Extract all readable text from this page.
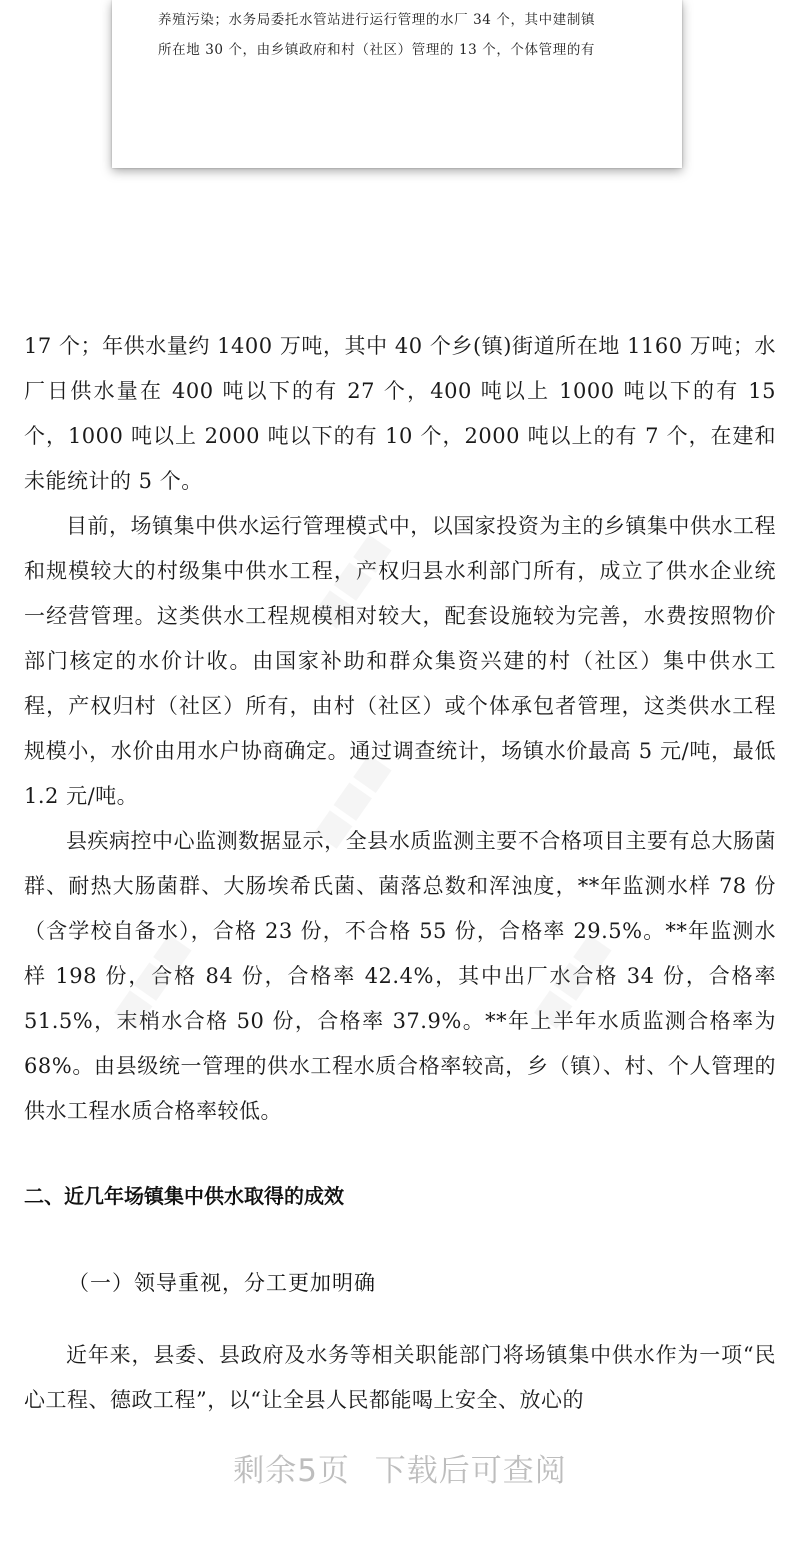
养殖污染；水务局委托水管站进行运行管理的水厂 34 个，其中建制镇
所在地 30 个，由乡镇政府和村（社区）管理的 13 个，个体管理的有

17 个；年供水量约 1400 万吨，其中 40 个乡(镇)街道所在地 1160 万吨；水厂日供水量在 400 吨以下的有 27 个，400 吨以上 1000 吨以下的有 15 个，1000 吨以上 2000 吨以下的有 10 个，2000 吨以上的有 7 个，在建和未能统计的 5 个。

目前，场镇集中供水运行管理模式中，以国家投资为主的乡镇集中供水工程和规模较大的村级集中供水工程，产权归县水利部门所有，成立了供水企业统一经营管理。这类供水工程规模相对较大，配套设施较为完善，水费按照物价部门核定的水价计收。由国家补助和群众集资兴建的村（社区）集中供水工程，产权归村（社区）所有，由村（社区）或个体承包者管理，这类供水工程规模小，水价由用水户协商确定。通过调查统计，场镇水价最高 5 元/吨，最低 1.2 元/吨。

县疾病控中心监测数据显示，全县水质监测主要不合格项目主要有总大肠菌群、耐热大肠菌群、大肠埃希氏菌、菌落总数和浑浊度，**年监测水样 78 份（含学校自备水），合格 23 份，不合格 55 份，合格率 29.5%。**年监测水样 198 份，合格 84 份，合格率 42.4%，其中出厂水合格 34 份，合格率 51.5%，末梢水合格 50 份，合格率 37.9%。**年上半年水质监测合格率为 68%。由县级统一管理的供水工程水质合格率较高，乡（镇）、村、个人管理的供水工程水质合格率较低。

二、近几年场镇集中供水取得的成效
（一）领导重视，分工更加明确

近年来，县委、县政府及水务等相关职能部门将场镇集中供水作为一项“民心工程、德政工程”，以“让全县人民都能喝上安全、放心的

■■■
■■■
■■■
■■■
剩余5页 下载后可查阅
